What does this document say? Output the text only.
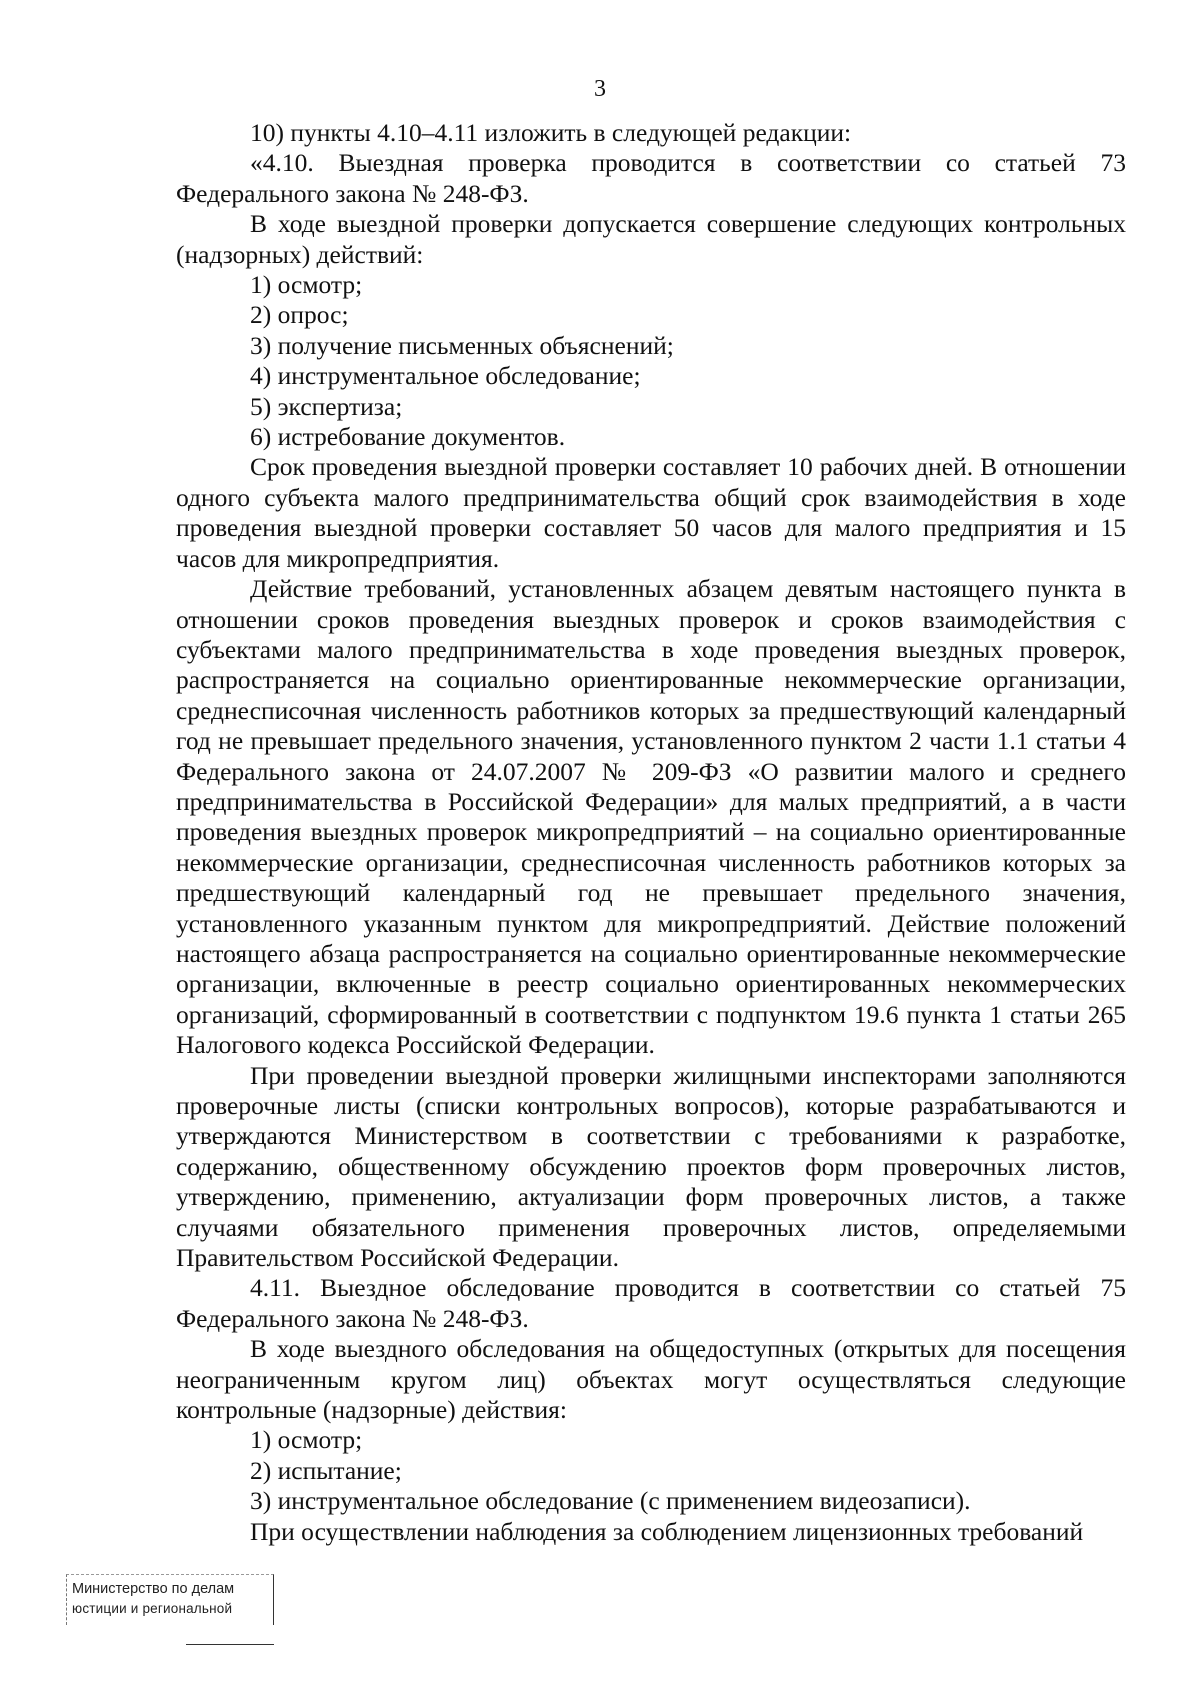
3

10) пункты 4.10–4.11 изложить в следующей редакции:

«4.10. Выездная проверка проводится в соответствии со статьей 73 Федерального закона № 248-ФЗ.

В ходе выездной проверки допускается совершение следующих контрольных (надзорных) действий:

1) осмотр;

2) опрос;

3) получение письменных объяснений;

4) инструментальное обследование;

5) экспертиза;

6) истребование документов.

Срок проведения выездной проверки составляет 10 рабочих дней. В отношении одного субъекта малого предпринимательства общий срок взаимодействия в ходе проведения выездной проверки составляет 50 часов для малого предприятия и 15 часов для микропредприятия.

Действие требований, установленных абзацем девятым настоящего пункта в отношении сроков проведения выездных проверок и сроков взаимодействия с субъектами малого предпринимательства в ходе проведения выездных проверок, распространяется на социально ориентированные некоммерческие организации, среднесписочная численность работников которых за предшествующий календарный год не превышает предельного значения, установленного пунктом 2 части 1.1 статьи 4 Федерального закона от 24.07.2007 № 209-ФЗ «О развитии малого и среднего предпринимательства в Российской Федерации» для малых предприятий, а в части проведения выездных проверок микропредприятий – на социально ориентированные некоммерческие организации, среднесписочная численность работников которых за предшествующий календарный год не превышает предельного значения, установленного указанным пунктом для микропредприятий. Действие положений настоящего абзаца распространяется на социально ориентированные некоммерческие организации, включенные в реестр социально ориентированных некоммерческих организаций, сформированный в соответствии с подпунктом 19.6 пункта 1 статьи 265 Налогового кодекса Российской Федерации.

При проведении выездной проверки жилищными инспекторами заполняются проверочные листы (списки контрольных вопросов), которые разрабатываются и утверждаются Министерством в соответствии с требованиями к разработке, содержанию, общественному обсуждению проектов форм проверочных листов, утверждению, применению, актуализации форм проверочных листов, а также случаями обязательного применения проверочных листов, определяемыми Правительством Российской Федерации.

4.11. Выездное обследование проводится в соответствии со статьей 75 Федерального закона № 248-ФЗ.

В ходе выездного обследования на общедоступных (открытых для посещения неограниченным кругом лиц) объектах могут осуществляться следующие контрольные (надзорные) действия:

1) осмотр;

2) испытание;

3) инструментальное обследование (с применением видеозаписи).

При осуществлении наблюдения за соблюдением лицензионных требований

Министерство по делам
юстиции и региональной
